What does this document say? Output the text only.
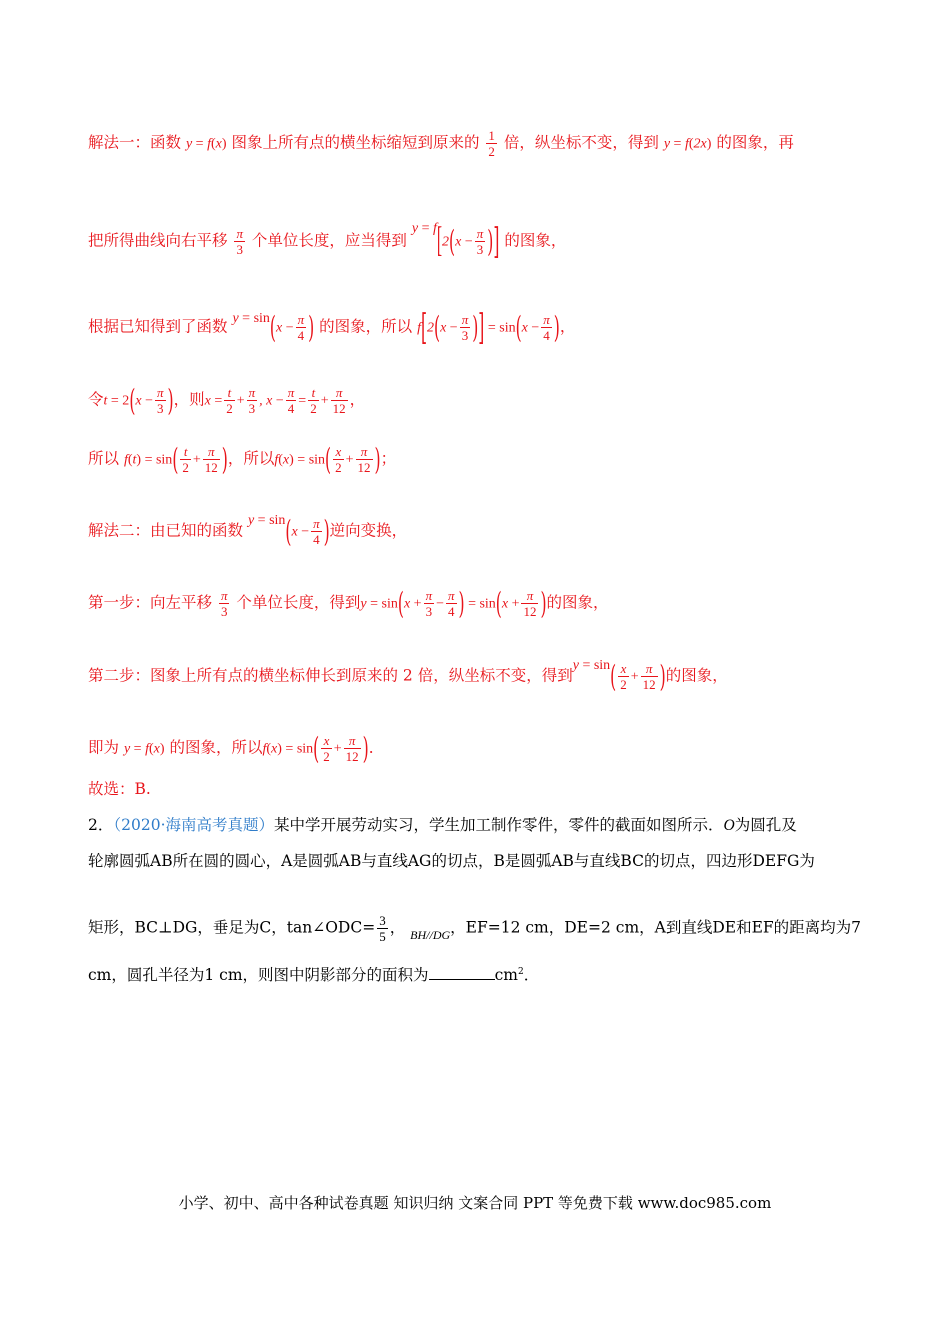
解法一：函数 y = f(x) 图象上所有点的横坐标缩短到原来的 $\frac{1}{2}$ 倍，纵坐标不变，得到 y = f(2x) 的图象，再
把所得曲线向右平移 $\frac{\pi}{3}$ 个单位长度，应当得到 $y = f[2(x - \frac{\pi}{3}$ )] 的图象，
根据已知得到了函数 $y = \sin(x - \frac{\pi}{4}$ ) 的图象，所以 $f[2(x - \frac{\pi}{3}$ )] = $\sin(x - \frac{\pi}{4}$ )，
令$t = 2(x - \frac{\pi}{3}$ )，则$x = \frac{t}{2} + \frac{\pi}{3}$ , $x - \frac{\pi}{4} = \frac{t}{2} + \frac{\pi}{12}$ ，
所以 $f(t) = \sin( \frac{t}{2} + \frac{\pi}{12}$ )，所以$f(x) = \sin( \frac{x}{2} + \frac{\pi}{12}$ )；
解法二：由已知的函数 $y = \sin(x - \frac{\pi}{4}$ )逆向变换，
第一步：向左平移 $\frac{\pi}{3}$ 个单位长度，得到$y = \sin(x + \frac{\pi}{3} - \frac{\pi}{4}$ ) = $\sin(x + \frac{\pi}{12}$ )的图象，
第二步：图象上所有点的横坐标伸长到原来的 2 倍，纵坐标不变，得到$y = \sin( \frac{x}{2} + \frac{\pi}{12}$ )的图象，
即为 y = f(x) 的图象，所以$f(x) = \sin( \frac{x}{2} + \frac{\pi}{12}$ )．
故选：B.
2．（2020·海南高考真题）某中学开展劳动实习，学生加工制作零件，零件的截面如图所示．O为圆孔及
轮廓圆弧AB所在圆的圆心，A是圆弧AB与直线AG的切点，B是圆弧AB与直线BC的切点，四边形DEFG为
矩形，BC⊥DG，垂足为C，tan∠ODC= $\frac{3}{5}$ ， $_{BH//DG}$，EF=12 cm，DE=2 cm，A到直线DE和EF的距离均为7
cm，圆孔半径为1 cm，则图中阴影部分的面积为	$cm^2$．
小学、初中、高中各种试卷真题 知识归纳 文案合同 PPT 等免费下载 www.doc985.com
